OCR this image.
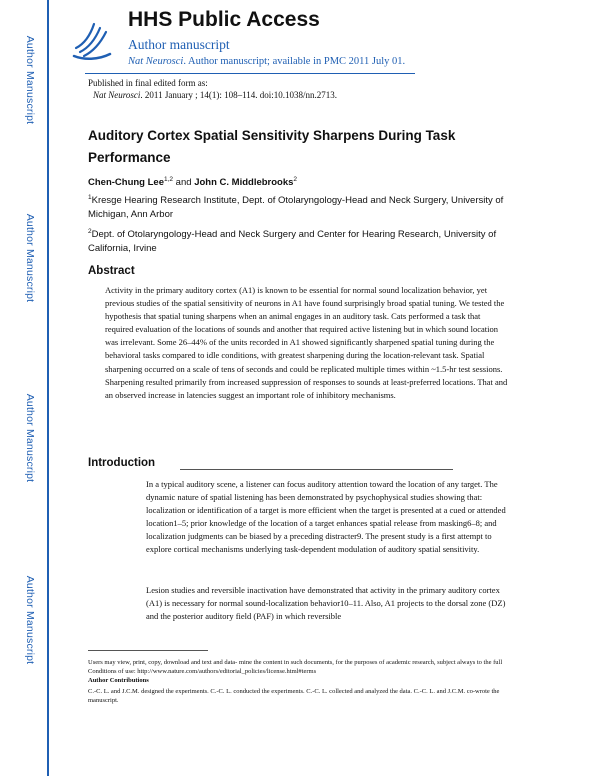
Author Manuscript
Author Manuscript
Author Manuscript
Author Manuscript
HHS Public Access
Author manuscript
Nat Neurosci. Author manuscript; available in PMC 2011 July 01.
Published in final edited form as:
Nat Neurosci. 2011 January ; 14(1): 108–114. doi:10.1038/nn.2713.
Auditory Cortex Spatial Sensitivity Sharpens During Task Performance
Chen-Chung Lee$^{1,2}$ and John C. Middlebrooks$^2$
$^1$Kresge Hearing Research Institute, Dept. of Otolaryngology-Head and Neck Surgery, University of Michigan, Ann Arbor
$^2$Dept. of Otolaryngology-Head and Neck Surgery and Center for Hearing Research, University of California, Irvine
Abstract
Activity in the primary auditory cortex (A1) is known to be essential for normal sound localization behavior, yet previous studies of the spatial sensitivity of neurons in A1 have found surprisingly broad spatial tuning. We tested the hypothesis that spatial tuning sharpens when an animal engages in an auditory task. Cats performed a task that required evaluation of the locations of sounds and another that required active listening but in which sound location was irrelevant. Some 26–44% of the units recorded in A1 showed significantly sharpened spatial tuning during the behavioral tasks compared to idle conditions, with greatest sharpening during the location-relevant task. Spatial sharpening occurred on a scale of tens of seconds and could be replicated multiple times within ~1.5-hr test sessions. Sharpening resulted primarily from increased suppression of responses to sounds at least-preferred locations. That and an observed increase in latencies suggest an important role of inhibitory mechanisms.
Introduction
In a typical auditory scene, a listener can focus auditory attention toward the location of any target. The dynamic nature of spatial listening has been demonstrated by psychophysical studies showing that: localization or identification of a target is more efficient when the target is presented at a cued or attended location1–5; prior knowledge of the location of a target enhances spatial release from masking6–8; and localization judgments can be biased by a preceding distracter9. The present study is a first attempt to explore cortical mechanisms underlying task-dependent modulation of auditory spatial sensitivity.
Lesion studies and reversible inactivation have demonstrated that activity in the primary auditory cortex (A1) is necessary for normal sound-localization behavior10–11. Also, A1 projects to the dorsal zone (DZ) and the posterior auditory field (PAF) in which reversible
Users may view, print, copy, download and text and data- mine the content in such documents, for the purposes of academic research, subject always to the full Conditions of use: http://www.nature.com/authors/editorial_policies/license.html#terms
Author Contributions
C.-C. L. and J.C.M. designed the experiments. C.-C. L. conducted the experiments. C.-C. L. collected and analyzed the data. C.-C. L. and J.C.M. co-wrote the manuscript.
